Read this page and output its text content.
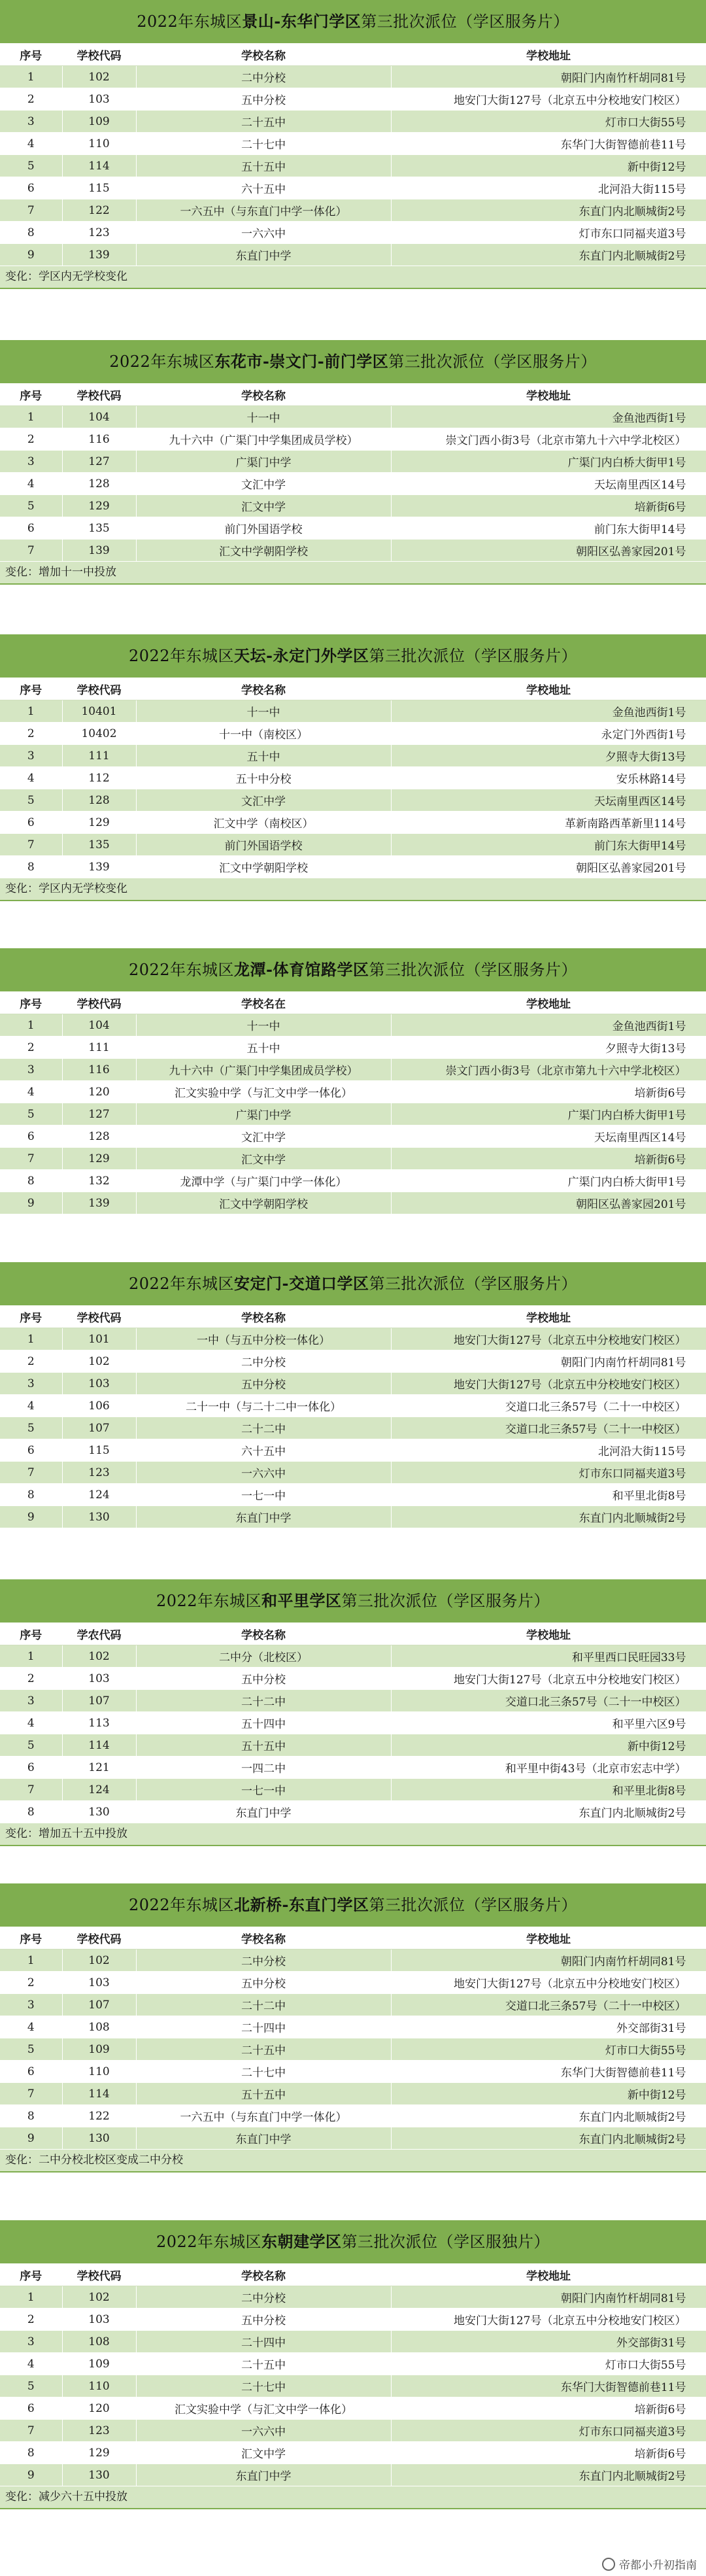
2022年东城区景山-东华门学区第三批次派位（学区服务片）
序号	学校代码	学校名称	学校地址
1	102	二中分校	朝阳门内南竹杆胡同81号
2	103	五中分校	地安门大街127号（北京五中分校地安门校区）
3	109	二十五中	灯市口大街55号
4	110	二十七中	东华门大街智德前巷11号
5	114	五十五中	新中街12号
6	115	六十五中	北河沿大街115号
7	122	一六五中（与东直门中学一体化）	东直门内北顺城街2号
8	123	一六六中	灯市东口同福夹道3号
9	139	东直门中学	东直门内北顺城街2号
变化：学区内无学校变化
2022年东城区东花市-崇文门-前门学区第三批次派位（学区服务片）
序号	学校代码	学校名称	学校地址
1	104	十一中	金鱼池西街1号
2	116	九十六中（广渠门中学集团成员学校）	崇文门西小街3号（北京市第九十六中学北校区）
3	127	广渠门中学	广渠门内白桥大街甲1号
4	128	文汇中学	天坛南里西区14号
5	129	汇文中学	培新街6号
6	135	前门外国语学校	前门东大街甲14号
7	139	汇文中学朝阳学校	朝阳区弘善家园201号
变化：增加十一中投放
2022年东城区天坛-永定门外学区第三批次派位（学区服务片）
序号	学校代码	学校名称	学校地址
1	10401	十一中	金鱼池西街1号
2	10402	十一中（南校区）	永定门外西街1号
3	111	五十中	夕照寺大街13号
4	112	五十中分校	安乐林路14号
5	128	文汇中学	天坛南里西区14号
6	129	汇文中学（南校区）	革新南路西革新里114号
7	135	前门外国语学校	前门东大街甲14号
8	139	汇文中学朝阳学校	朝阳区弘善家园201号
变化：学区内无学校变化
2022年东城区龙潭-体育馆路学区第三批次派位（学区服务片）
序号	学校代码	学校名在	学校地址
1	104	十一中	金鱼池西街1号
2	111	五十中	夕照寺大街13号
3	116	九十六中（广渠门中学集团成员学校）	崇文门西小街3号（北京市第九十六中学北校区）
4	120	汇文实验中学（与汇文中学一体化）	培新街6号
5	127	广渠门中学	广渠门内白桥大街甲1号
6	128	文汇中学	天坛南里西区14号
7	129	汇文中学	培新街6号
8	132	龙潭中学（与广渠门中学一体化）	广渠门内白桥大街甲1号
9	139	汇文中学朝阳学校	朝阳区弘善家园201号
2022年东城区安定门-交道口学区第三批次派位（学区服务片）
序号	学校代码	学校名称	学校地址
1	101	一中（与五中分校一体化）	地安门大街127号（北京五中分校地安门校区）
2	102	二中分校	朝阳门内南竹杆胡同81号
3	103	五中分校	地安门大街127号（北京五中分校地安门校区）
4	106	二十一中（与二十二中一体化）	交道口北三条57号（二十一中校区）
5	107	二十二中	交道口北三条57号（二十一中校区）
6	115	六十五中	北河沿大街115号
7	123	一六六中	灯市东口同福夹道3号
8	124	一七一中	和平里北街8号
9	130	东直门中学	东直门内北顺城街2号
2022年东城区和平里学区第三批次派位（学区服务片）
序号	学农代码	学校名称	学校地址
1	102	二中分（北校区）	和平里西口民旺园33号
2	103	五中分校	地安门大街127号（北京五中分校地安门校区）
3	107	二十二中	交道口北三条57号（二十一中校区）
4	113	五十四中	和平里六区9号
5	114	五十五中	新中街12号
6	121	一四二中	和平里中街43号（北京市宏志中学）
7	124	一七一中	和平里北街8号
8	130	东直门中学	东直门内北顺城街2号
变化：增加五十五中投放
2022年东城区北新桥-东直门学区第三批次派位（学区服务片）
序号	学校代码	学校名称	学校地址
1	102	二中分校	朝阳门内南竹杆胡同81号
2	103	五中分校	地安门大街127号（北京五中分校地安门校区）
3	107	二十二中	交道口北三条57号（二十一中校区）
4	108	二十四中	外交部街31号
5	109	二十五中	灯市口大街55号
6	110	二十七中	东华门大街智德前巷11号
7	114	五十五中	新中街12号
8	122	一六五中（与东直门中学一体化）	东直门内北顺城街2号
9	130	东直门中学	东直门内北顺城街2号
变化：二中分校北校区变成二中分校
2022年东城区东朝建学区第三批次派位（学区服独片）
序号	学校代码	学校名称	学校地址
1	102	二中分校	朝阳门内南竹杆胡同81号
2	103	五中分校	地安门大街127号（北京五中分校地安门校区）
3	108	二十四中	外交部街31号
4	109	二十五中	灯市口大街55号
5	110	二十七中	东华门大街智德前巷11号
6	120	汇文实验中学（与汇文中学一体化）	培新街6号
7	123	一六六中	灯市东口同福夹道3号
8	129	汇文中学	培新街6号
9	130	东直门中学	东直门内北顺城街2号
变化：减少六十五中投放
帝都小升初指南
